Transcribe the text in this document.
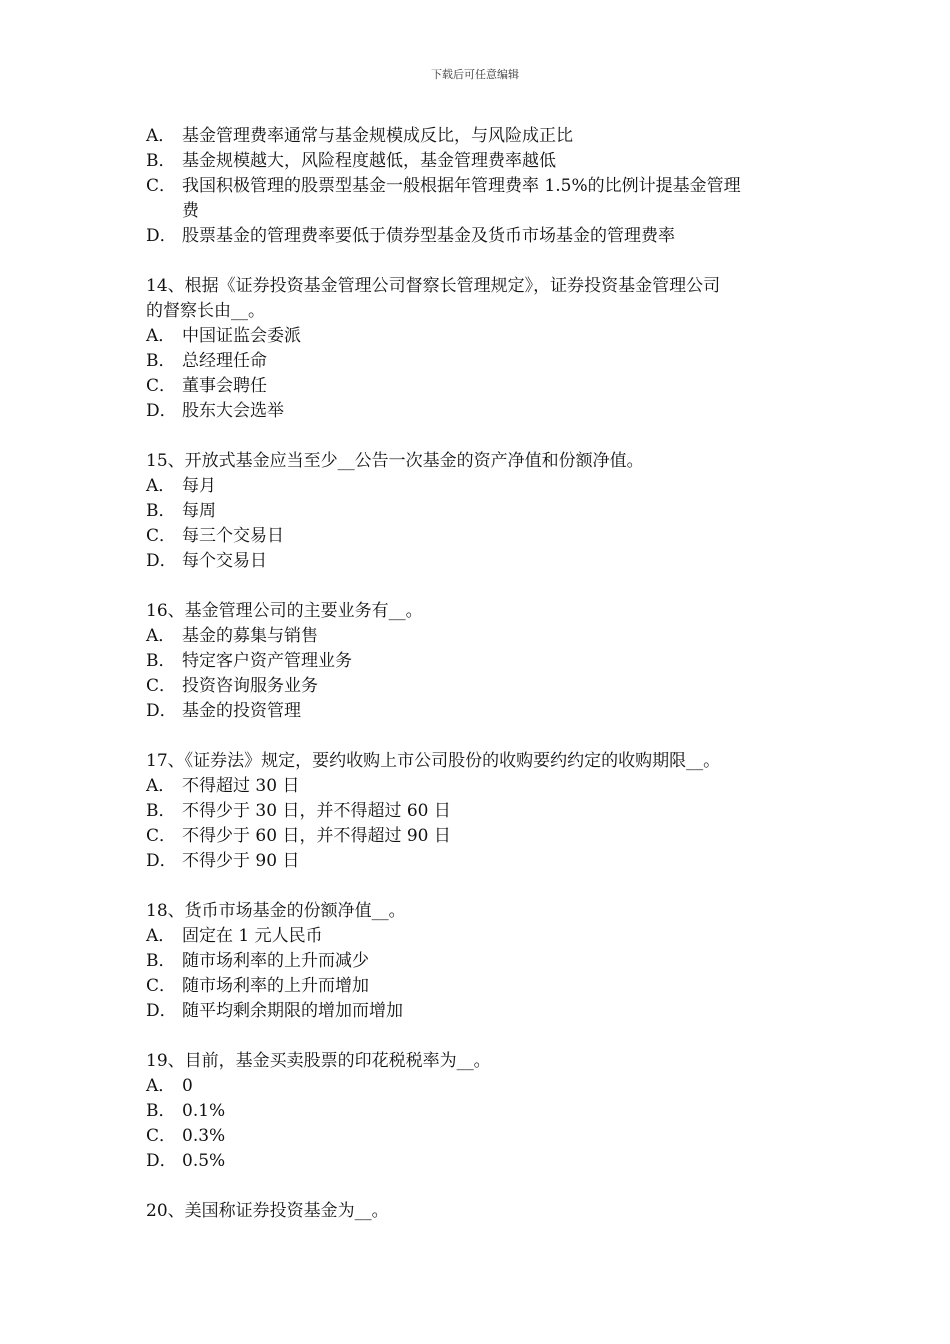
下载后可任意编辑
A． 基金管理费率通常与基金规模成反比，与风险成正比
B． 基金规模越大，风险程度越低，基金管理费率越低
C． 我国积极管理的股票型基金一般根据年管理费率 1.5%的比例计提基金管理
费
D． 股票基金的管理费率要低于债券型基金及货币市场基金的管理费率
14、根据《证券投资基金管理公司督察长管理规定》，证券投资基金管理公司
的督察长由__。
A． 中国证监会委派
B． 总经理任命
C． 董事会聘任
D． 股东大会选举
15、开放式基金应当至少__公告一次基金的资产净值和份额净值。
A． 每月
B． 每周
C． 每三个交易日
D． 每个交易日
16、基金管理公司的主要业务有__。
A． 基金的募集与销售
B． 特定客户资产管理业务
C． 投资咨询服务业务
D． 基金的投资管理
17、《证券法》规定，要约收购上市公司股份的收购要约约定的收购期限__。
A． 不得超过 30 日
B． 不得少于 30 日，并不得超过 60 日
C． 不得少于 60 日，并不得超过 90 日
D． 不得少于 90 日
18、货币市场基金的份额净值__。
A． 固定在 1 元人民币
B． 随市场利率的上升而减少
C． 随市场利率的上升而增加
D． 随平均剩余期限的增加而增加
19、目前，基金买卖股票的印花税税率为__。
A． 0
B． 0.1%
C． 0.3%
D． 0.5%
20、美国称证券投资基金为__。
